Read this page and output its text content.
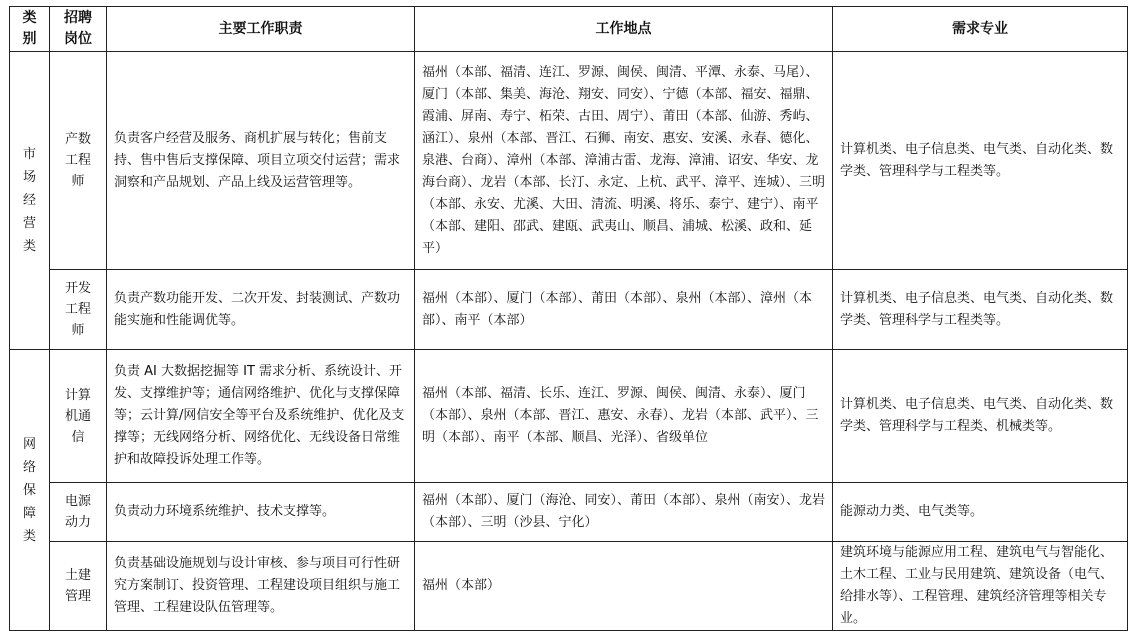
类别	招聘岗位	主要工作职责	工作地点	需求专业
市场经营类	产数工程师	负责客户经营及服务、商机扩展与转化；售前支持、售中售后支撑保障、项目立项交付运营；需求洞察和产品规划、产品上线及运营管理等。	福州（本部、福清、连江、罗源、闽侯、闽清、平潭、永泰、马尾）、厦门（本部、集美、海沧、翔安、同安）、宁德（本部、福安、福鼎、霞浦、屏南、寿宁、柘荣、古田、周宁）、莆田（本部、仙游、秀屿、涵江）、泉州（本部、晋江、石狮、南安、惠安、安溪、永春、德化、泉港、台商）、漳州（本部、漳浦古雷、龙海、漳浦、诏安、华安、龙海台商）、龙岩（本部、长汀、永定、上杭、武平、漳平、连城）、三明（本部、永安、尤溪、大田、清流、明溪、将乐、泰宁、建宁）、南平（本部、建阳、邵武、建瓯、武夷山、顺昌、浦城、松溪、政和、延平）	计算机类、电子信息类、电气类、自动化类、数学类、管理科学与工程类等。
	开发工程师	负责产数功能开发、二次开发、封装测试、产数功能实施和性能调优等。	福州（本部）、厦门（本部）、莆田（本部）、泉州（本部）、漳州（本部）、南平（本部）	计算机类、电子信息类、电气类、自动化类、数学类、管理科学与工程类等。
网络保障类	计算机通信	负责 AI 大数据挖掘等 IT 需求分析、系统设计、开发、支撑维护等；通信网络维护、优化与支撑保障等；云计算/网信安全等平台及系统维护、优化及支撑等；无线网络分析、网络优化、无线设备日常维护和故障投诉处理工作等。	福州（本部、福清、长乐、连江、罗源、闽侯、闽清、永泰）、厦门（本部）、泉州（本部、晋江、惠安、永春）、龙岩（本部、武平）、三明（本部）、南平（本部、顺昌、光泽）、省级单位	计算机类、电子信息类、电气类、自动化类、数学类、管理科学与工程类、机械类等。
	电源动力	负责动力环境系统维护、技术支撑等。	福州（本部）、厦门（海沧、同安）、莆田（本部）、泉州（南安）、龙岩（本部）、三明（沙县、宁化）	能源动力类、电气类等。
	土建管理	负责基础设施规划与设计审核、参与项目可行性研究方案制订、投资管理、工程建设项目组织与施工管理、工程建设队伍管理等。	福州（本部）	建筑环境与能源应用工程、建筑电气与智能化、土木工程、工业与民用建筑、建筑设备（电气、给排水等）、工程管理、建筑经济管理等相关专业。
